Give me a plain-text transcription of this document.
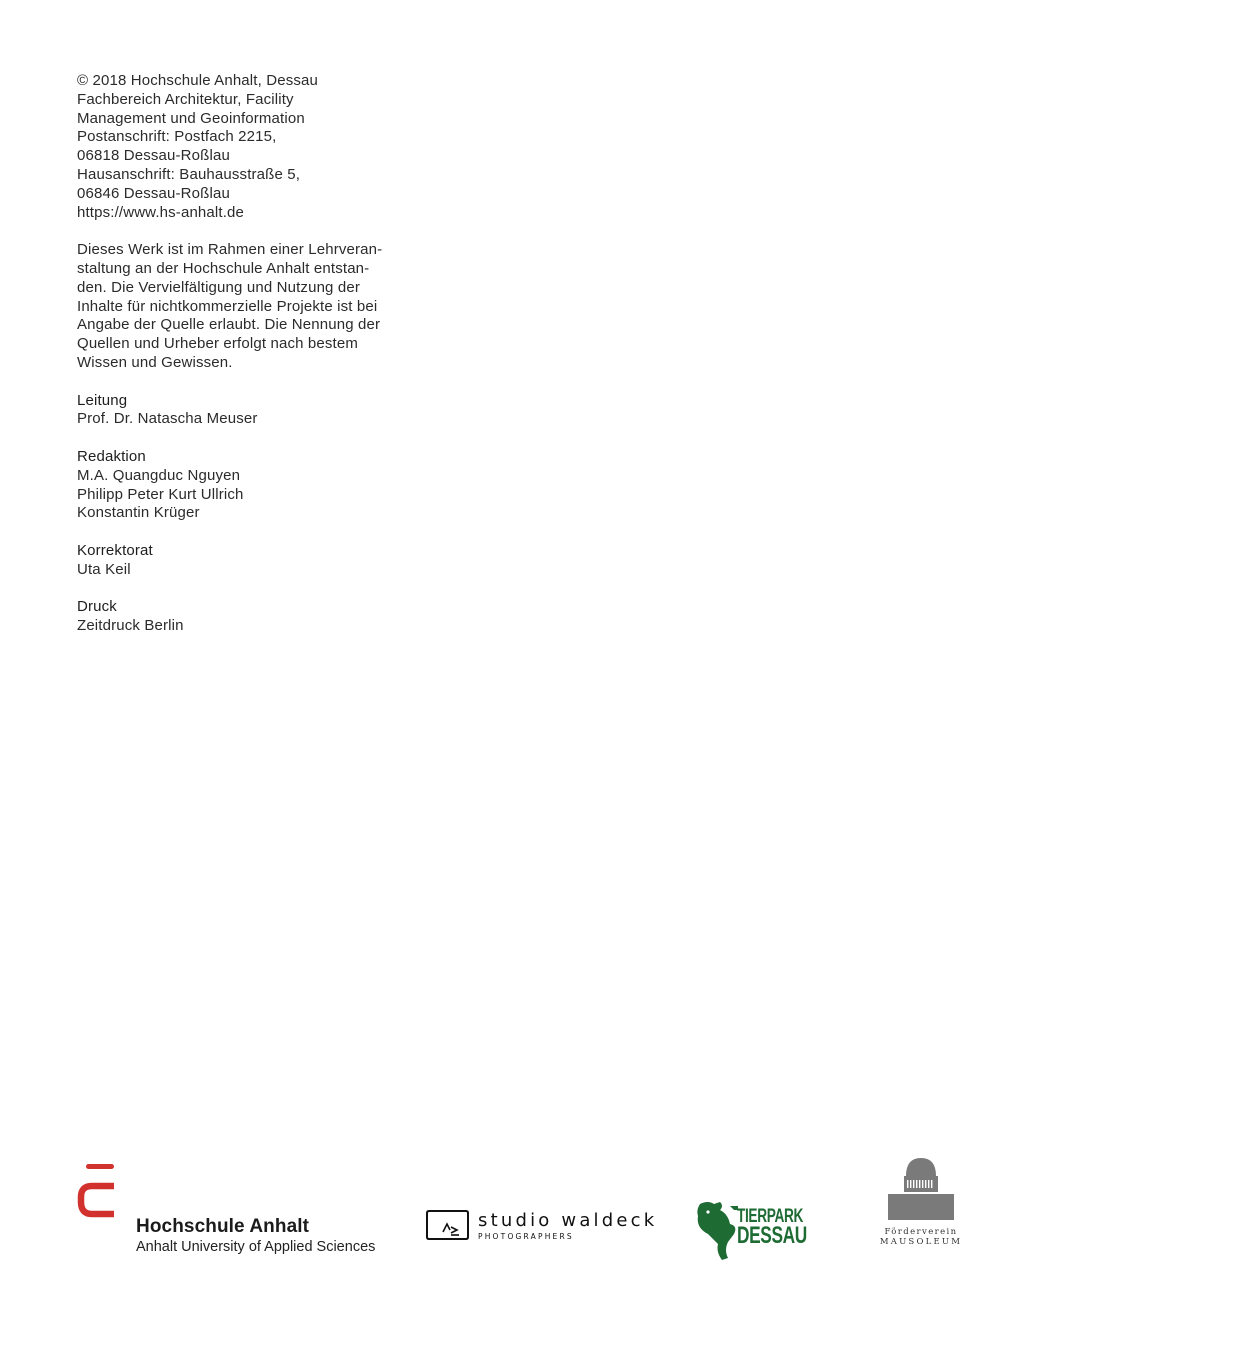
© 2018 Hochschule Anhalt, Dessau
Fachbereich Architektur, Facility
Management und Geoinformation
Postanschrift: Postfach 2215,
06818 Dessau-Roßlau
Hausanschrift: Bauhausstraße 5,
06846 Dessau-Roßlau
https://www.hs-anhalt.de
Dieses Werk ist im Rahmen einer Lehrveran-
staltung an der Hochschule Anhalt entstan-
den. Die Vervielfältigung und Nutzung der
Inhalte für nichtkommerzielle Projekte ist bei
Angabe der Quelle erlaubt. Die Nennung der
Quellen und Urheber erfolgt nach bestem
Wissen und Gewissen.
Leitung
Prof. Dr. Natascha Meuser
Redaktion
M.A. Quangduc Nguyen
Philipp Peter Kurt Ullrich
Konstantin Krüger
Korrektorat
Uta Keil
Druck
Zeitdruck Berlin
Hochschule Anhalt
Anhalt University of Applied Sciences
studio waldeck
PHOTOGRAPHERS
TIERPARK
DESSAU	Förderverein
MAUSOLEUM
